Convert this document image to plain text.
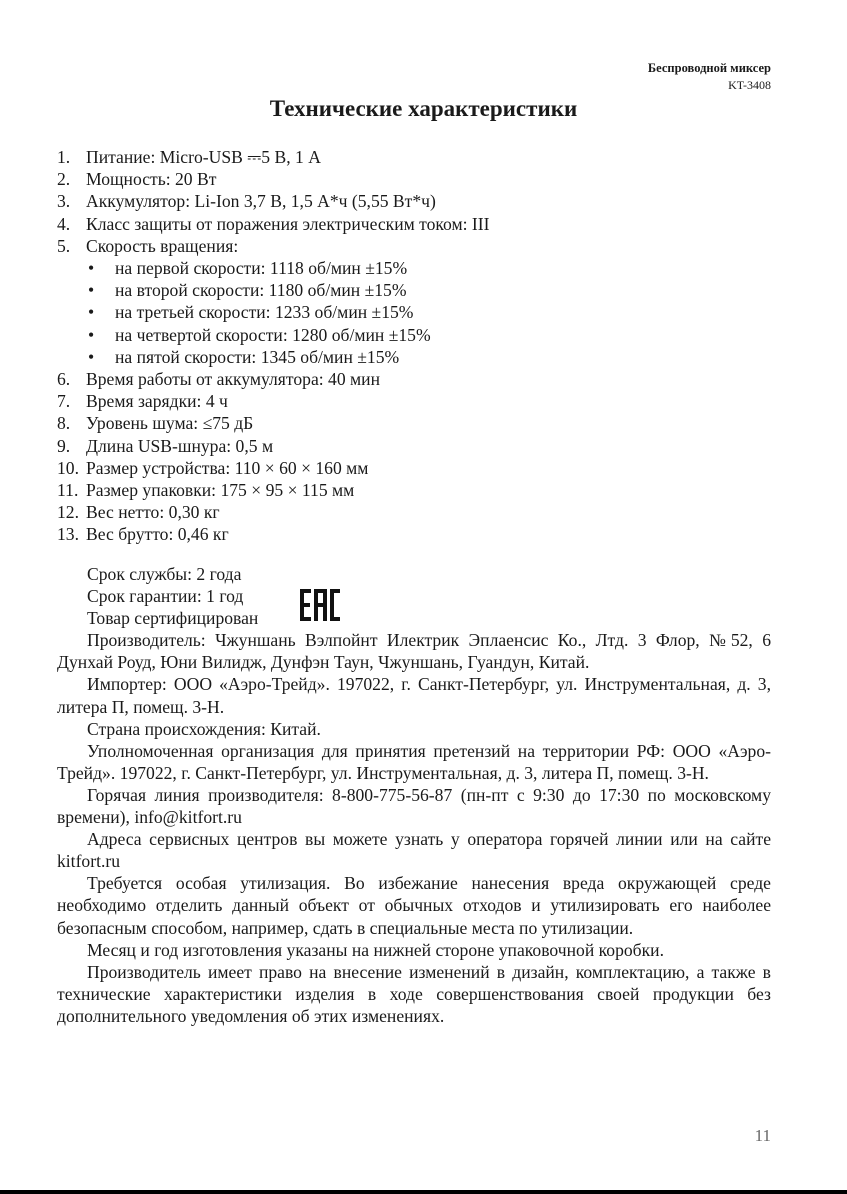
Беспроводной миксер
KT-3408
Технические характеристики
1. Питание: Micro-USB ⎓5 В, 1 А
2. Мощность: 20 Вт
3. Аккумулятор: Li-Ion 3,7 В, 1,5 А*ч (5,55 Вт*ч)
4. Класс защиты от поражения электрическим током: III
5. Скорость вращения:
•	на первой скорости: 1118 об/мин ±15%
•	на второй скорости: 1180 об/мин ±15%
•	на третьей скорости: 1233 об/мин ±15%
•	на четвертой скорости: 1280 об/мин ±15%
•	на пятой скорости: 1345 об/мин ±15%
6. Время работы от аккумулятора: 40 мин
7. Время зарядки: 4 ч
8. Уровень шума: ≤75 дБ
9. Длина USB-шнура: 0,5 м
10. Размер устройства: 110 × 60 × 160 мм
11. Размер упаковки: 175 × 95 × 115 мм
12. Вес нетто: 0,30 кг
13. Вес брутто: 0,46 кг
Срок службы: 2 года
Срок гарантии: 1 год
Товар сертифицирован

Производитель: Чжуншань Вэлпойнт Илектрик Эплаенсис Ко., Лтд. 3 Флор, №52, 6 Дунхай Роуд, Юни Вилидж, Дунфэн Таун, Чжуншань, Гуандун, Китай.

Импортер: ООО «Аэро-Трейд». 197022, г. Санкт-Петербург, ул. Инструментальная, д. 3, литера П, помещ. 3-Н.

Страна происхождения: Китай.

Уполномоченная организация для принятия претензий на территории РФ: ООО «Аэро-Трейд». 197022, г. Санкт-Петербург, ул. Инструментальная, д. 3, литера П, помещ. 3-Н.

Горячая линия производителя: 8-800-775-56-87 (пн-пт с 9:30 до 17:30 по московскому времени), info@kitfort.ru

Адреса сервисных центров вы можете узнать у оператора горячей линии или на сайте kitfort.ru

Требуется особая утилизация. Во избежание нанесения вреда окружающей среде необходимо отделить данный объект от обычных отходов и утилизировать его наиболее безопасным способом, например, сдать в специальные места по утилизации.

Месяц и год изготовления указаны на нижней стороне упаковочной коробки.

Производитель имеет право на внесение изменений в дизайн, комплектацию, а также в технические характеристики изделия в ходе совершенствования своей продукции без дополнительного уведомления об этих изменениях.

11
